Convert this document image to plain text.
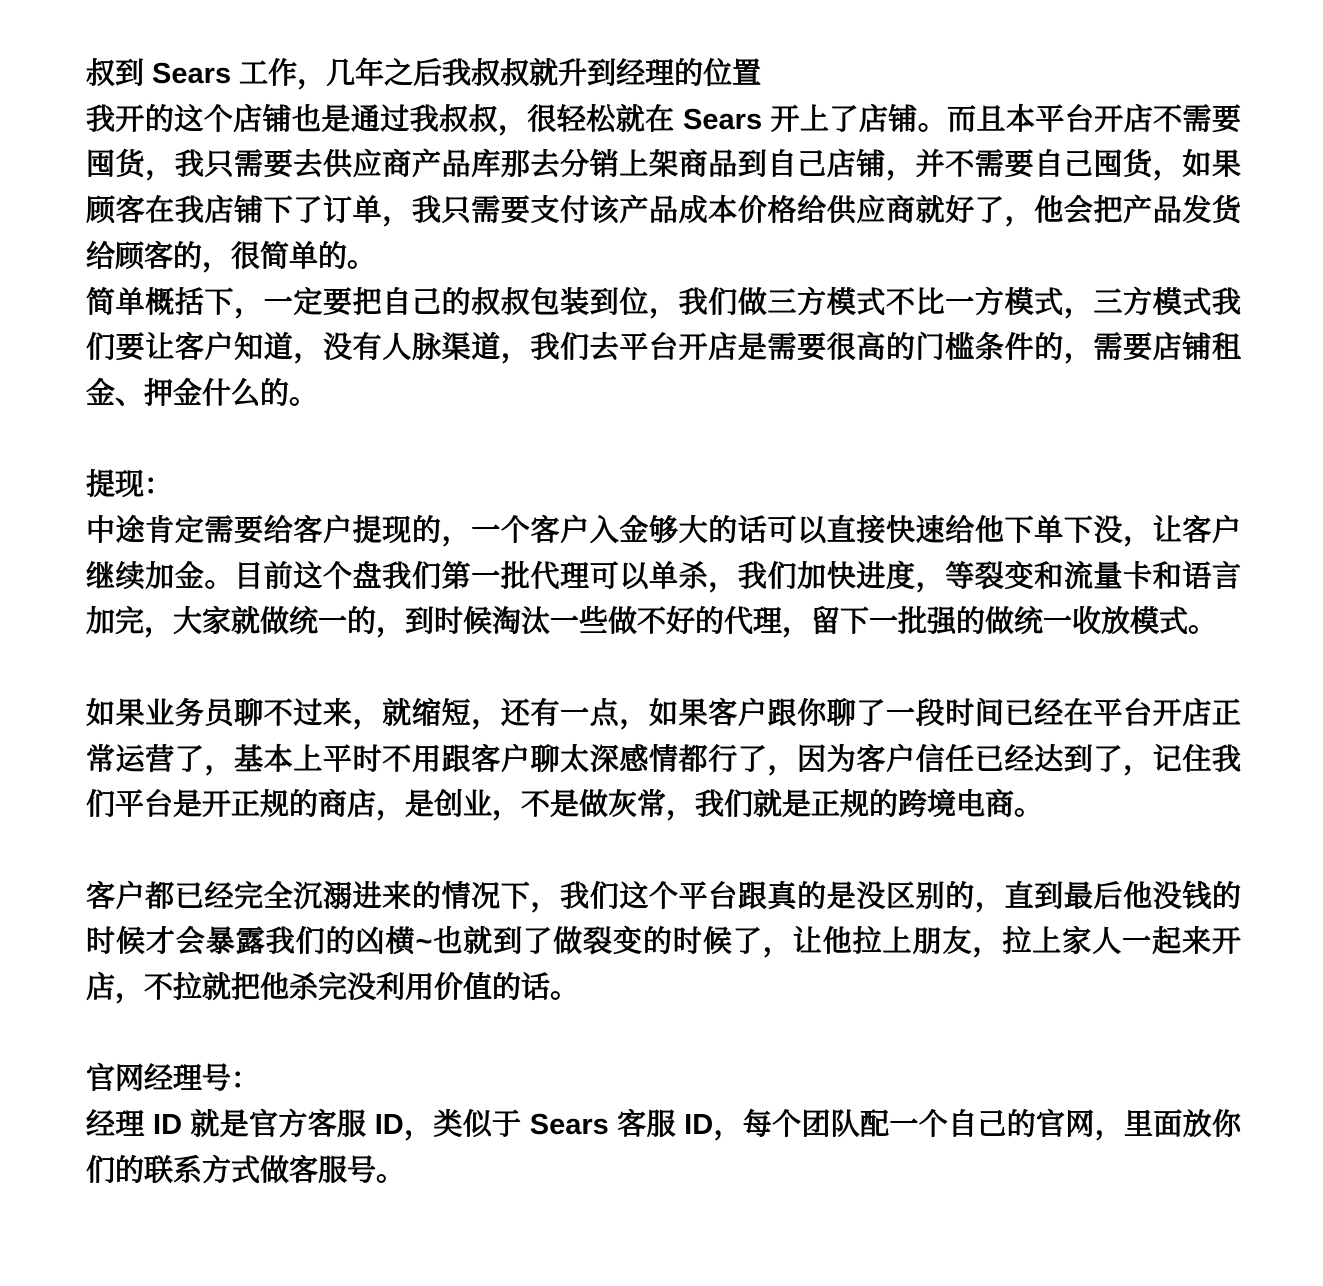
叔到 Sears 工作，几年之后我叔叔就升到经理的位置

我开的这个店铺也是通过我叔叔，很轻松就在 Sears 开上了店铺。而且本平台开店不需要囤货，我只需要去供应商产品库那去分销上架商品到自己店铺，并不需要自己囤货，如果顾客在我店铺下了订单，我只需要支付该产品成本价格给供应商就好了，他会把产品发货给顾客的，很简单的。

简单概括下，一定要把自己的叔叔包装到位，我们做三方模式不比一方模式，三方模式我们要让客户知道，没有人脉渠道，我们去平台开店是需要很高的门槛条件的，需要店铺租金、押金什么的。

提现：

中途肯定需要给客户提现的，一个客户入金够大的话可以直接快速给他下单下没，让客户继续加金。目前这个盘我们第一批代理可以单杀，我们加快进度，等裂变和流量卡和语言加完，大家就做统一的，到时候淘汰一些做不好的代理，留下一批强的做统一收放模式。

如果业务员聊不过来，就缩短，还有一点，如果客户跟你聊了一段时间已经在平台开店正常运营了，基本上平时不用跟客户聊太深感情都行了，因为客户信任已经达到了，记住我们平台是开正规的商店，是创业，不是做灰常，我们就是正规的跨境电商。

客户都已经完全沉溺进来的情况下，我们这个平台跟真的是没区别的，直到最后他没钱的时候才会暴露我们的凶横~也就到了做裂变的时候了，让他拉上朋友，拉上家人一起来开店，不拉就把他杀完没利用价值的话。

官网经理号：

经理 ID 就是官方客服 ID，类似于 Sears 客服 ID，每个团队配一个自己的官网，里面放你们的联系方式做客服号。
